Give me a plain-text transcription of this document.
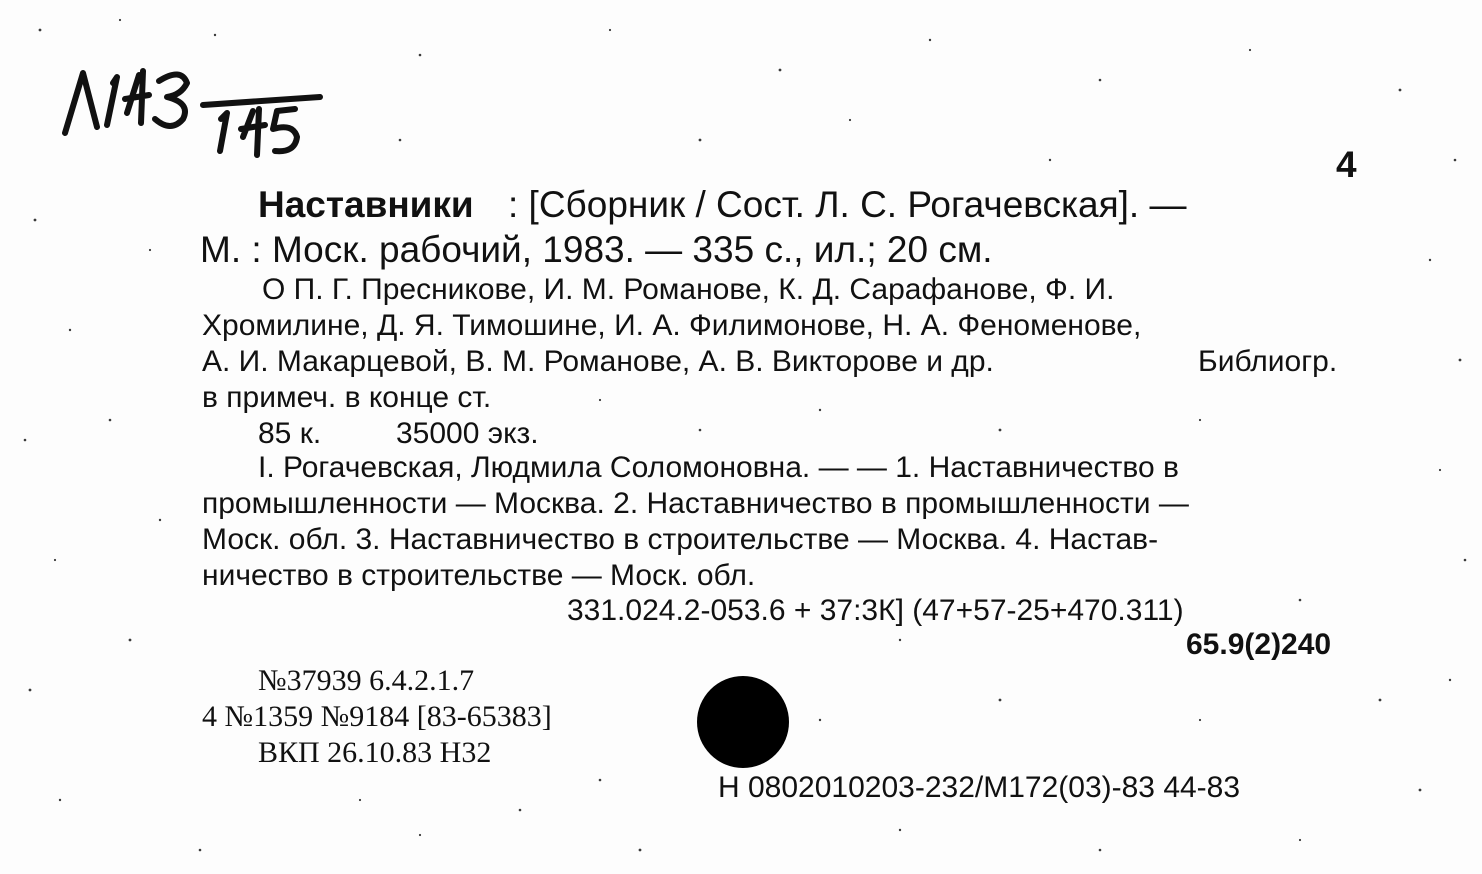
4
Наставники : [Сборник / Сост. Л. С. Рогачевская]. —
М. : Моск. рабочий, 1983. — 335 с., ил.; 20 см.
О П. Г. Пресникове, И. М. Романове, К. Д. Сарафанове, Ф. И.
Хромилине, Д. Я. Тимошине, И. А. Филимонове, Н. А. Феноменове,
А. И. Макарцевой, В. М. Романове, А. В. Викторове и др.	Библиогр.
в примеч. в конце ст.
85 к. 35000 экз.
I. Рогачевская, Людмила Соломоновна. — — 1. Наставничество в
промышленности — Москва. 2. Наставничество в промышленности —
Моск. обл. 3. Наставничество в строительстве — Москва. 4. Настав-
ничество в строительстве — Моск. обл.
331.024.2-053.6 + 37:3К] (47+57-25+470.311)
65.9(2)240
№37939 6.4.2.1.7
4 №1359 №9184 [83-65383]
ВКП 26.10.83 Н32
Н 0802010203-232/М172(03)-83 44-83
